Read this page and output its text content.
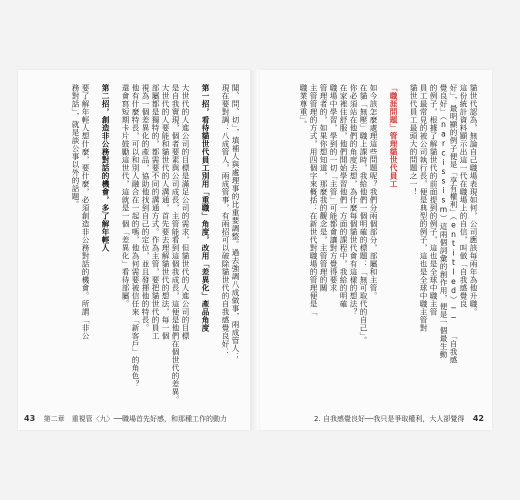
聞、問、切」，填補人與處理事的比重要調整。過去強調八成做事，兩成管人；
現在要對調：八成管人，兩成管事，有兩招可以破除貓世代的自我感覺良好：
第一招，看待貓世代員工別用「重職」角度，改用「差異化」產品角度
大世代的人進公司的目標是滿足公司的需求，但貓世代的人進公司的目標
是自我實現，個者要素與公司成長，主管能看到這個我成長，這便是他們在個世代的差異。
大世代的人要能和貓世代的人溝通，首先要去理解貓世代的想法，每一個
部屬都是獨特的，都需要不同的溝通方式。作為主管，要把貓世代的員工
視為一個差異化的產品，協助他找到自己的定位，並且發揮他的特長。
他有什麼特長，可以和別人融合在一起的嗎，他為何需要被信任來「新客戶」的角色？
還會寫短期卡片鼓勵這世代，這就是一個「差異化」看待部屬。
第二招，創造非公務對話的機會，多了解年輕人
要了解年輕人想什麼，要什麼，必須創造非公務對話的機會。所謂「非公
務對話」，就是談公事以外的話題。
43 第二章　重視管〈九〉──職場首先好感，和那種工作的動力
貓世代認為，無論自己職場表現如何，公司應該每兩年為他升職。
這份統計資料顯示出這一代在職場上的自信，叫做「自我感覺良
好」，最明顯的例子便是「享有權利」（entitled）── 「自我感
覺良好」（narcissism）這兩個詞彙的創作用，便是一個最生動
的例子，根據了解貓世代的前面提到的例子，這也是全球中職主管
員工最常見的被公司執行長，便是典型的例子，這也是全球中職主管對
貓世代員工最頭大的問題之一！
「職涯問題」管理貓世代員工
如今該怎麼處理這些問題呢？我們分兩個部分，部屬和主管。
在貓「無壓」職上課時，我給他們一個明確的標題：「無可取代的自己」。
你必須站在他們的角度去想，為什麼每個貓世代會有這樣的想法？
在家裡住舒服，他們開始學習他們一方面的課程中，我給的明確
職場中學習，學到的一切「主管」可能都會讓對方覺得要求
管理者的，如果你想知道，那麼我的觀念是，主管管理的關
主管管理的方式，用四個字來概括：在新世代對職場的管理便是「
職業尊重」。
2. 自我感覺良好──我只是爭取權利，大人卻覺得 42
